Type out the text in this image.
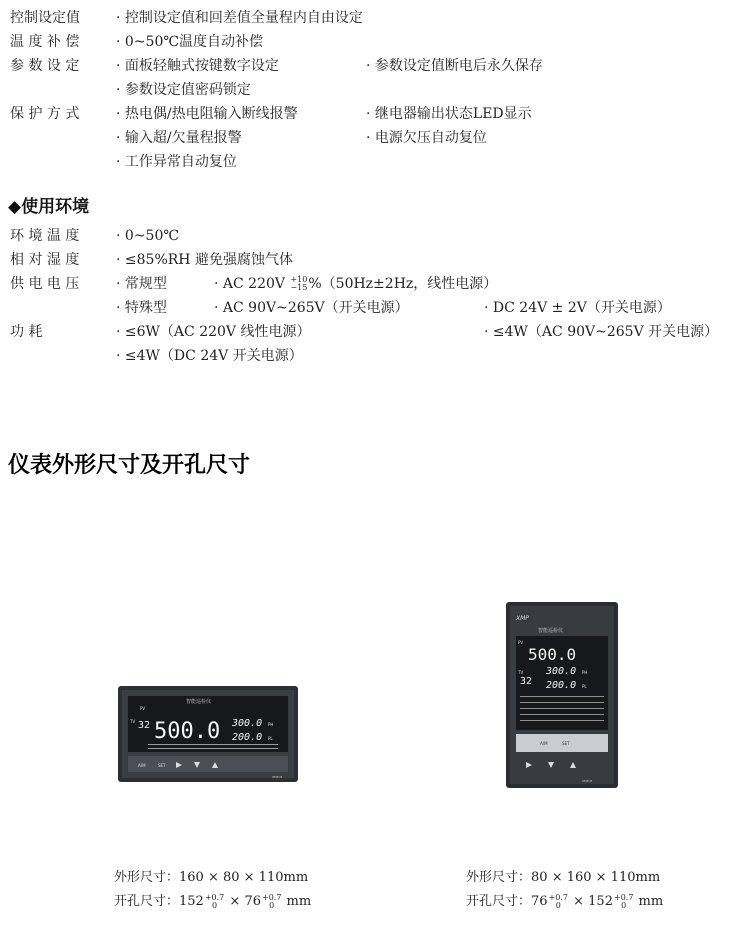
控制设定值	· 控制设定值和回差值全量程内自由设定
温 度 补 偿	· 0~50℃温度自动补偿
参 数 设 定	· 面板轻触式按键数字设定	· 参数设定值断电后永久保存
· 参数设定值密码锁定
保 护 方 式	· 热电偶/热电阻输入断线报警	· 继电器输出状态LED显示
· 输入超/欠量程报警	· 电源欠压自动复位
· 工作异常自动复位
◆使用环境
环 境 温 度	· 0~50℃
相 对 湿 度	· ≤85%RH 避免强腐蚀气体
供 电 电 压	· 常规型	· AC 220V +10
−15%（50Hz±2Hz，线性电源）
· 特殊型	· AC 90V~265V（开关电源）	· DC 24V ± 2V（开关电源）
功 耗	· ≤6W（AC 220V 线性电源）	· ≤4W（AC 90V~265V 开关电源）
· ≤4W（DC 24V 开关电源）
仪表外形尺寸及开孔尺寸
智能巡检仪
PV
TV 32 500.0 300.0 PH
200.0 PL
A/M	SET
XMP-M
XMP
智能巡检仪
PV
500.0
TV
32
300.0 PH
200.0 PL
A/M	SET
XMP-M
外形尺寸：160 × 80 × 110mm
开孔尺寸：152+0.7
0 × 76+0.7
0 mm
外形尺寸：80 × 160 × 110mm
开孔尺寸：76+0.7
0 × 152+0.7
0 mm
